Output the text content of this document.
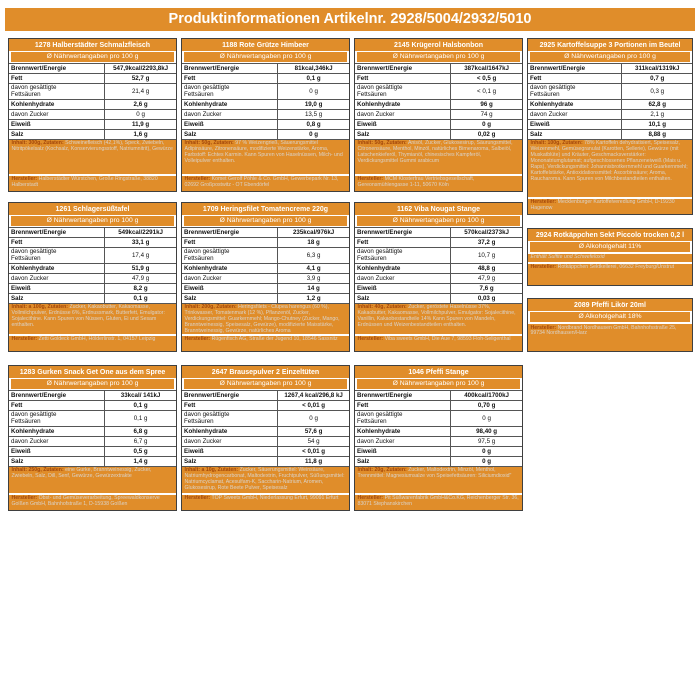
Produktinformationen Artikelnr. 2928/5004/2932/5010
1278 Halberstädter Schmalzfleisch
Ø Nährwertangaben pro 100 g
Brennwert/Energie	547,9kcal/2293,8kJ
Fett	52,7 g
davon gesättigte Fettsäuren	21,4 g
Kohlenhydrate	2,6 g
davon Zucker	0 g
Eiweiß	11,9 g
Salz	1,6 g
Inhalt: 300g, Zutaten: Schweinefleisch (42,1%), Speck, Zwiebeln, Nitritpökelsalz (Kochsalz, Konservierungsstoff, Natriumnitrit), Gewürze
Hersteller: Halberstädter Würstchen, Große Ringstraße, 38820 Halberstadt
1261 Schlagersüßtafel
Ø Nährwertangaben pro 100 g
Brennwert/Energie	549kcal/2291kJ
Fett	33,1 g
davon gesättigte Fettsäuren	17,4 g
Kohlenhydrate	51,9 g
davon Zucker	47,9 g
Eiweiß	8,2 g
Salz	0,1 g
Inhalt: a 100g, Zutaten: Zucker, Kakaobutter, Kakaomasse, Vollmilchpulver, Erdnüsse 6%, Erdnussmark, Butterfett, Emulgator: Sojalecithine. Kann Spuren von Nüssen, Gluten, Ei und Sesam enthalten.
Hersteller: Zetti Goldeck GmbH, Hölderlinstr. 1, 04157 Leipzig
1283 Gurken Snack Get One aus dem Spree
Ø Nährwertangaben pro 100 g
Brennwert/Energie	33kcal/ 141kJ
Fett	0,1 g
davon gesättigte Fettsäuren	0,1 g
Kohlenhydrate	6,8 g
davon Zucker	6,7 g
Eiweiß	0,5 g
Salz	1,4 g
Inhalt: 250g, Zutaten: eine Gurke, Branntweinessig, Zucker, Zwiebeln, Salz, Dill, Senf, Gewürze, Gewürzextrakte
Hersteller: Obst- und Gemüseverarbeitung, Spreewaldkonserve Golßen GmbH, Bahnhofstraße 1, D-15938 Golßen
1188 Rote Grütze Himbeer
Ø Nährwertangaben pro 100 g
Brennwert/Energie	81kcal,346kJ
Fett	0,1 g
davon gesättigte Fettsäuren	0 g
Kohlenhydrate	19,0 g
davon Zucker	13,5 g
Eiweiß	0,8 g
Salz	0 g
Inhalt: 50g, Zutaten: 97 % Weizengrieß, Säuerungsmittel Adipinsäure, Zitronensäure, modifizierte Weizenstärke, Aroma, Farbstoff: Echtes Karmin. Kann Spuren von Haselnüssen, Milch- und Volleipulver enthalten.
Hersteller: Komet Gerolf Pöhle & Co. GmbH, Gewerbepark Nr. 13, 02692 Großpostwitz - OT Ebendörfel
1709 Heringsfilet Tomatencreme 220g
Ø Nährwertangaben pro 100 g
Brennwert/Energie	235kcal/976kJ
Fett	18 g
davon gesättigte Fettsäuren	6,3 g
Kohlenhydrate	4,1 g
davon Zucker	3,9 g
Eiweiß	14 g
Salz	1,2 g
Inhalt: 200g, Zutaten: Heringsfilets - Clupea harengus (60 %), Trinkwasser, Tomatenmark (12 %), Pflanzenöl, Zucker, Verdickungsmittel: Guarkernmehl; Mango-Chutney (Zucker, Mango, Branntweinessig, Speisesalz, Gewürze), modifizierte Maisstärke, Branntweinessig, Gewürze, natürliches Aroma
Hersteller: Rügenfisch AG, Straße der Jugend 10, 18546 Sassnitz
2647 Brausepulver 2 Einzeltüten
Ø Nährwertangaben pro 100 g
Brennwert/Energie	1267,4 kcal/296,8 kJ
Fett	< 0,01 g
davon gesättigte Fettsäuren	0 g
Kohlenhydrate	57,6 g
davon Zucker	54 g
Eiweiß	< 0,01 g
Salz	11,8 g
Inhalt: a 10g, Zutaten: Zucker, Säuerungsmittel: Weinsäure, Natriumhydrogencarbonat, Maltodextrin, Fruchtpulver, Süßungsmittel: Natriumcyclamat, Acesulfam-K, Saccharin-Natrium, Aromen, Glukosesirup, Rote Beete Pulver, Speisesalz
Hersteller: TOP Sweets GmbH, Niederlassung Erfurt, 99091 Erfurt
2145 Krügerol Halsbonbon
Ø Nährwertangaben pro 100 g
Brennwert/Energie	387kcal/1647kJ
Fett	< 0,5 g
davon gesättigte Fettsäuren	< 0,1 g
Kohlenhydrate	96 g
davon Zucker	74 g
Eiweiß	0 g
Salz	0,02 g
Inhalt: 50g, Zutaten: Anisöl, Zucker, Glukosesirup, Säurungsmittel, Citronensäure, Menthol, Minzöl, natürliches Birnenaroma, Salbeiöl, Latschenkieferöl, Thymianöl, chinesisches Kampferöl, Verdickungsmittel Gummi arabicum
Hersteller: MCM Klosterfrau Vertriebsgesellschaft, Gereonsmühlengasse 1-11, 50670 Köln
1162 Viba Nougat Stange
Ø Nährwertangaben pro 100 g
Brennwert/Energie	570kcal/2373kJ
Fett	37,2 g
davon gesättigte Fettsäuren	10,7 g
Kohlenhydrate	48,8 g
davon Zucker	47,9 g
Eiweiß	7,6 g
Salz	0,03 g
Inhalt: 40g, Zutaten: Zucker, geröstete Haselnüsse 37%, Kakaobutter, Kakaomasse, Vollmilchpulver, Emulgator: Sojalecithine, Vanillin, Kakaobestandteile 14% Kann Spuren von Mandeln, Erdnüssen und Weizenbestandteilen enthalten.
Hersteller: Viba sweets GmbH, Die Aue 7, 98593 Floh-Seligenthal
1046 Pfeffi Stange
Ø Nährwertangaben pro 100 g
Brennwert/Energie	400kcal/1700kJ
Fett	0,70 g
davon gesättigte Fettsäuren	0 g
Kohlenhydrate	98,40 g
davon Zucker	97,5 g
Eiweiß	0 g
Salz	0 g
Inhalt: 20g, Zutaten: Zucker, Maltodextrin, Minzöl, Menthol, Trennmittel: Magnesiumsalze von Speisefettsäuren: Siliciumdioxid"
Hersteller: Pit Süßwarenfabrik GmbH&Co.KG, Reichenberger Str. 36, 83071 Stephanskirchen
2925 Kartoffelsuppe 3 Portionen im Beutel
Ø Nährwertangaben pro 100 g
Brennwert/Energie	311kcal/1319kJ
Fett	0,7 g
davon gesättigte Fettsäuren	0,3 g
Kohlenhydrate	62,8 g
davon Zucker	2,1 g
Eiweiß	10,1 g
Salz	8,88 g
Inhalt: 100g, Zutaten: 78% Kartoffeln dehydratisiert, Speisesalz, Weizenmehl, Gemüsegranulat (Karotten, Sellerie), Gewürze (mit Muskatblüte) und Kräuter, Geschmacksverstärker: Mononatriumglutamat; aufgeschlossenes Pflanzeneiweiß (Mais u. Raps), Verdickungsmittel: Johannisbrotkernmehl und Guarkernmehl; Kartoffelstärke, Antioxidationsmittel: Ascorbinsäure; Aroma, Raucharoma. Kann Spuren von Milchbestandteilen enthalten.
Hersteller: Mecklenburger Kartoffelveredlung GmbH, D-19230 Hagenow
2924 Rotkäppchen Sekt Piccolo trocken 0,2 l
Ø Alkoholgehalt 11%
Enthält Sulfite und Schwefeloxid
Hersteller: Rotkäppchen Sektkellerei, 06632 Freyburg/Unstrut
2089 Pfeffi Likör 20ml
Ø Alkoholgehalt 18%
Hersteller: Nordbrand Nordhausen GmbH, Bahnhofsstraße 25, 99734 Nordhausen/Harz
